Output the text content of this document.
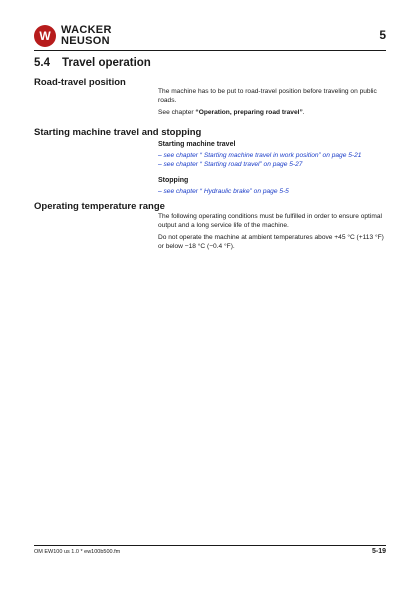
W WACKER
NEUSON	5
5.4 Travel operation
Road-travel position

The machine has to be put to road-travel position before traveling on public roads.

See chapter “Operation, preparing road travel”.

Starting machine travel and stopping

Starting machine travel

– see chapter “ Starting machine travel in work position” on page 5-21
– see chapter “ Starting road travel” on page 5-27

Stopping

– see chapter “ Hydraulic brake” on page 5-5
Operating temperature range

The following operating conditions must be fulfilled in order to ensure optimal output and a long service life of the machine.

Do not operate the machine at ambient temperatures above +45 °C (+113 °F) or below −18 °C (−0.4 °F).

OM EW100 us 1.0 * ew100b500.fm	5-19
